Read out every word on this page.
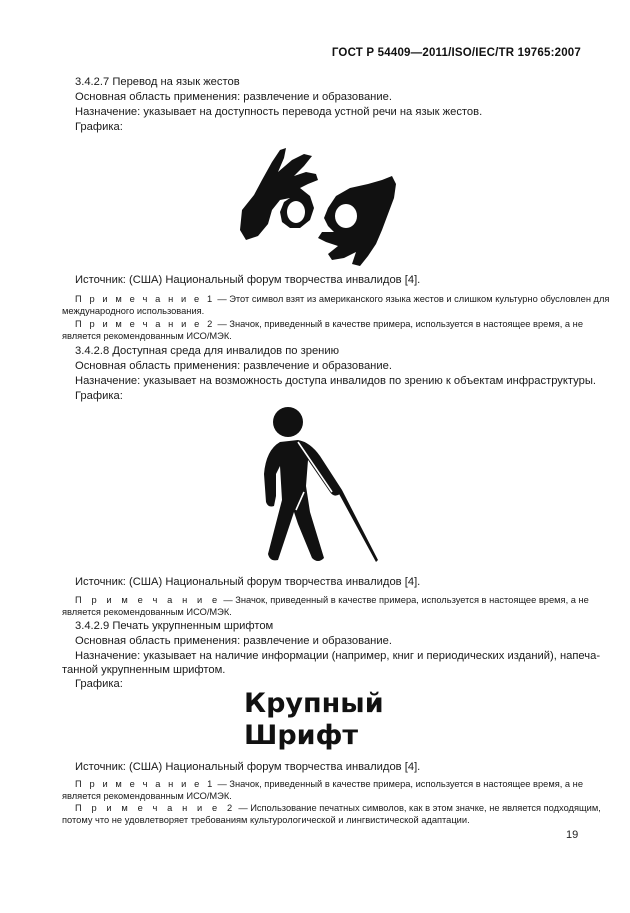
ГОСТ Р 54409—2011/ISO/IEC/TR 19765:2007
3.4.2.7 Перевод на язык жестов
Основная область применения: развлечение и образование.
Назначение: указывает на доступность перевода устной речи на язык жестов.
Графика:
Источник: (США) Национальный форум творчества инвалидов [4].
П р и м е ч а н и е 1 — Этот символ взят из американского языка жестов и слишком культурно обусловлен для
международного использования.
П р и м е ч а н и е 2 — Значок, приведенный в качестве примера, используется в настоящее время, а не
является рекомендованным ИСО/МЭК.
3.4.2.8 Доступная среда для инвалидов по зрению
Основная область применения: развлечение и образование.
Назначение: указывает на возможность доступа инвалидов по зрению к объектам инфраструктуры.
Графика:
Источник: (США) Национальный форум творчества инвалидов [4].
П р и м е ч а н и е — Значок, приведенный в качестве примера, используется в настоящее время, а не
является рекомендованным ИСО/МЭК.
3.4.2.9 Печать укрупненным шрифтом
Основная область применения: развлечение и образование.
Назначение: указывает на наличие информации (например, книг и периодических изданий), напеча-
танной укрупненным шрифтом.
Графика:
Крупный
Шрифт
Источник: (США) Национальный форум творчества инвалидов [4].
П р и м е ч а н и е 1 — Значок, приведенный в качестве примера, используется в настоящее время, а не
является рекомендованным ИСО/МЭК.
П р и м е ч а н и е 2 — Использование печатных символов, как в этом значке, не является подходящим,
потому что не удовлетворяет требованиям культурологической и лингвистической адаптации.
19
